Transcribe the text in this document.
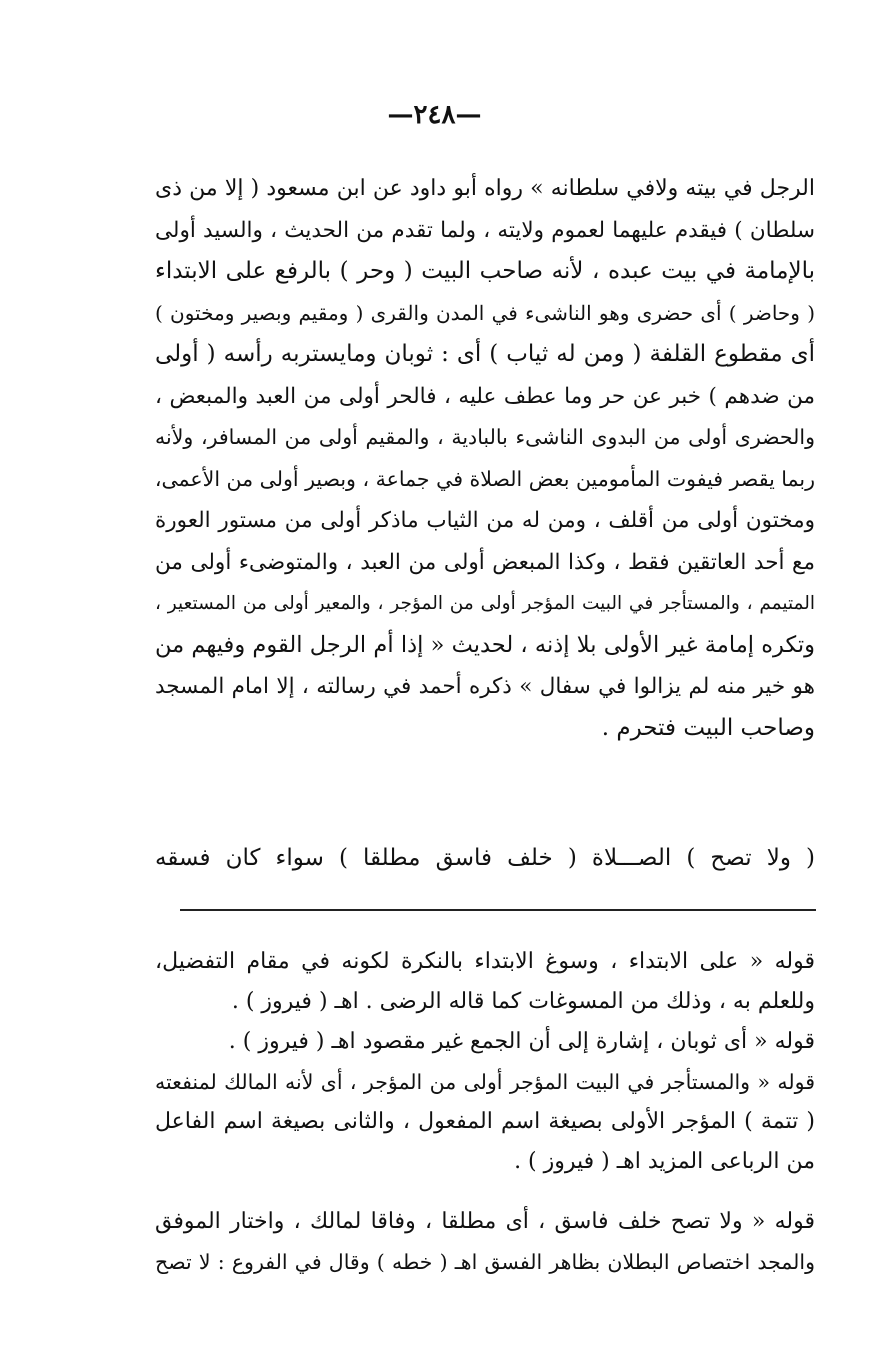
—٢٤٨—
الرجل في بيته ولافي سلطانه » رواه أبو داود عن ابن مسعود ( إلا من ذى
سلطان ) فيقدم عليهما لعموم ولايته ، ولما تقدم من الحديث ، والسيد أولى
بالإمامة في بيت عبده ، لأنه صاحب البيت ( وحر ) بالرفع على الابتداء
( وحاضر ) أى حضرى وهو الناشىء في المدن والقرى ( ومقيم وبصير ومختون )
أى مقطوع القلفة ( ومن له ثياب ) أى : ثوبان ومايستربه رأسه ( أولى
من ضدهم ) خبر عن حر وما عطف عليه ، فالحر أولى من العبد والمبعض ،
والحضرى أولى من البدوى الناشىء بالبادية ، والمقيم أولى من المسافر، ولأنه
ربما يقصر فيفوت المأمومين بعض الصلاة في جماعة ، وبصير أولى من الأعمى،
ومختون أولى من أقلف ، ومن له من الثياب ماذكر أولى من مستور العورة
مع أحد العاتقين فقط ، وكذا المبعض أولى من العبد ، والمتوضىء أولى من
المتيمم ، والمستأجر في البيت المؤجر أولى من المؤجر ، والمعير أولى من المستعير ،
وتكره إمامة غير الأولى بلا إذنه ، لحديث « إذا أم الرجل القوم وفيهم من
هو خير منه لم يزالوا في سفال » ذكره أحمد في رسالته ، إلا امام المسجد
وصاحب البيت فتحرم .
( ولا تصح ) الصـــلاة ( خلف فاسق مطلقا ) سواء كان فسقه
قوله « على الابتداء ، وسوغ الابتداء بالنكرة لكونه في مقام التفضيل،
وللعلم به ، وذلك من المسوغات كما قاله الرضى . اهـ ( فيروز ) .
قوله « أى ثوبان ، إشارة إلى أن الجمع غير مقصود اهـ ( فيروز ) .
قوله « والمستأجر في البيت المؤجر أولى من المؤجر ، أى لأنه المالك لمنفعته
( تتمة ) المؤجر الأولى بصيغة اسم المفعول ، والثانى بصيغة اسم الفاعل
من الرباعى المزيد اهـ ( فيروز ) .
قوله « ولا تصح خلف فاسق ، أى مطلقا ، وفاقا لمالك ، واختار الموفق
والمجد اختصاص البطلان بظاهر الفسق اهـ ( خطه ) وقال في الفروع : لا تصح
